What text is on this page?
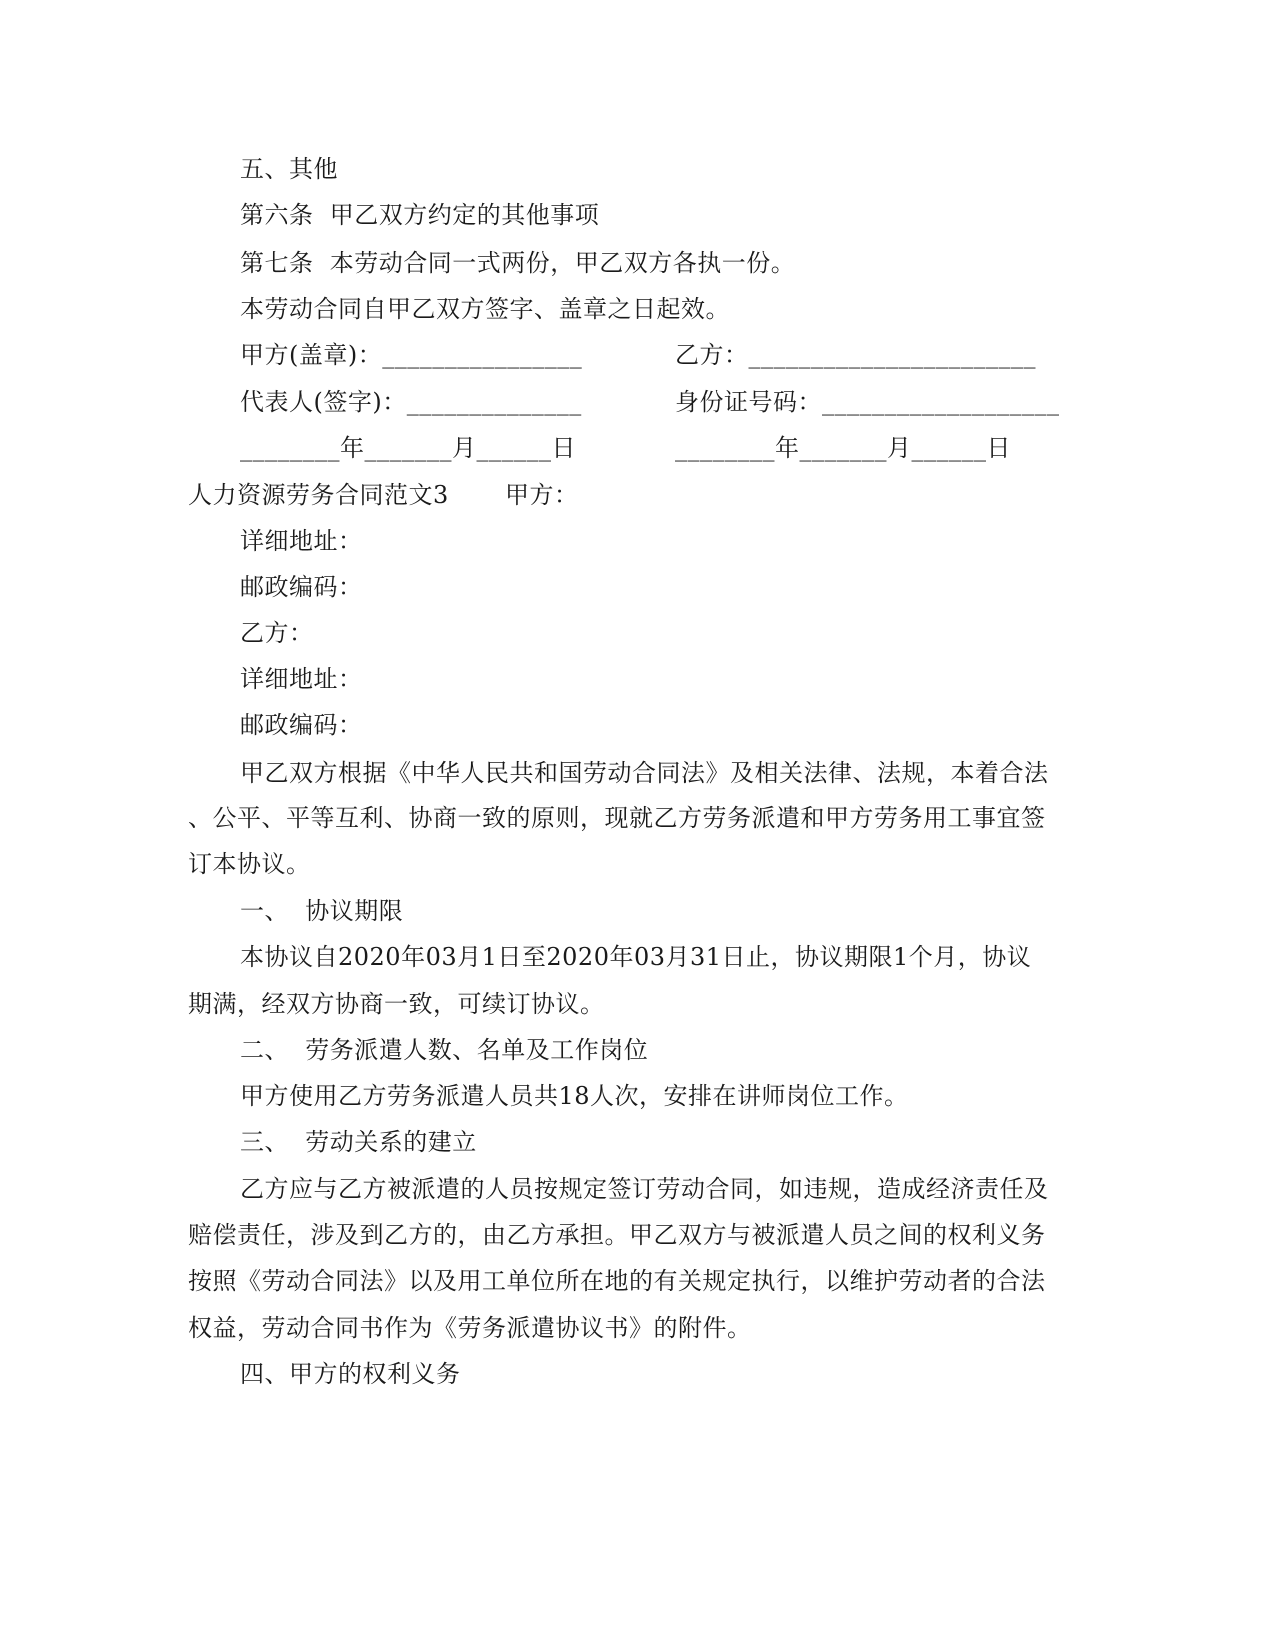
五、其他
第六条  甲乙双方约定的其他事项
第七条  本劳动合同一式两份，甲乙双方各执一份。
本劳动合同自甲乙双方签字、盖章之日起效。
甲方(盖章)：________________	乙方：_______________________
代表人(签字)：______________	身份证号码：___________________
________年_______月______日	________年_______月______日
人力资源劳务合同范文3 甲方：
详细地址：
邮政编码：
乙方：
详细地址：
邮政编码：
甲乙双方根据《中华人民共和国劳动合同法》及相关法律、法规，本着合法
、公平、平等互利、协商一致的原则，现就乙方劳务派遣和甲方劳务用工事宜签
订本协议。
一、  协议期限
本协议自2020年03月1日至2020年03月31日止，协议期限1个月，协议
期满，经双方协商一致，可续订协议。
二、  劳务派遣人数、名单及工作岗位
甲方使用乙方劳务派遣人员共18人次，安排在讲师岗位工作。
三、  劳动关系的建立
乙方应与乙方被派遣的人员按规定签订劳动合同，如违规，造成经济责任及
赔偿责任，涉及到乙方的，由乙方承担。甲乙双方与被派遣人员之间的权利义务
按照《劳动合同法》以及用工单位所在地的有关规定执行，以维护劳动者的合法
权益，劳动合同书作为《劳务派遣协议书》的附件。
四、甲方的权利义务
